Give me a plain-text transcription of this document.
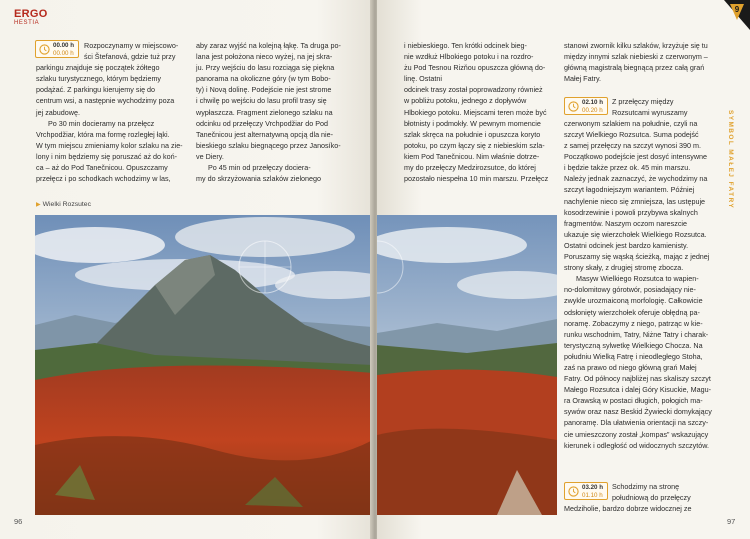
ERGO
HESTIA
00.00 h
00.00 h
Rozpoczynamy w miejscowo-
ści Štefanová, gdzie tuż przy
parkingu znajduje się początek żółtego
szlaku turystycznego, którym będziemy
podążać. Z parkingu kierujemy się do
centrum wsi, a następnie wychodzimy poza
jej zabudowę.
Po 30 min docieramy na przełęcz
Vrchpodžiar, która ma formę rozległej łąki.
W tym miejscu zmieniamy kolor szlaku na zie-
lony i nim będziemy się poruszać aż do koń-
ca – aż do Pod Tanečnicou. Opuszczamy
przełęcz i po schodkach wchodzimy w las,
aby zaraz wyjść na kolejną łąkę. Ta druga po-
lana jest położona nieco wyżej, na jej skra-
ju. Przy wejściu do lasu rozciąga się piękna
panorama na okoliczne góry (w tym Bobo-
ty) i Novą dolinę. Podejście nie jest strome
i chwilę po wejściu do lasu profil trasy się
wypłaszcza. Fragment zielonego szlaku na
odcinku od przełęczy Vrchpodžiar do Pod
Tanečnicou jest alternatywną opcją dla nie-
bieskiego szlaku biegnącego przez Janosíko-
ve Diery.
Po 45 min od przełęczy dociera-
my do skrzyżowania szlaków zielonego
▶ Wielki Rozsutec
96
9
SYMBOL MAŁEJ FATRY
i niebieskiego. Ten krótki odcinek bieg-
nie wzdłuż Hlbokiego potoku i na rozdro-
żu Pod Tesnou Rizňou opuszcza główną do-
linę. Ostatni
odcinek trasy został poprowadzony również
w pobliżu potoku, jednego z dopływów
Hlbokiego potoku. Miejscami teren może być
błotnisty i podmokły. W pewnym momencie
szlak skręca na południe i opuszcza koryto
potoku, po czym łączy się z niebieskim szla-
kiem Pod Tanečnicou. Nim właśnie dotrze-
my do przełęczy Medzirozsutce, do której
pozostało niespełna 10 min marszu. Przełęcz
stanowi zwornik kilku szlaków, krzyżuje się tu
między innymi szlak niebieski z czerwonym –
główną magistralą biegnącą przez całą grań
Małej Fatry.
02.10 h
00.20 h
Z przełęczy między
Rozsutcami wyruszamy
czerwonym szlakiem na południe, czyli na
szczyt Wielkiego Rozsutca. Suma podejść
z samej przełęczy na szczyt wynosi 390 m.
Początkowo podejście jest dosyć intensywne
i będzie także przez ok. 45 min marszu.
Należy jednak zaznaczyć, że wychodzimy na
szczyt łagodniejszym wariantem. Później
nachylenie nieco się zmniejsza, las ustępuje
kosodrzewinie i powoli przybywa skalnych
fragmentów. Naszym oczom nareszcie
ukazuje się wierzchołek Wielkiego Rozsutca.
Ostatni odcinek jest bardzo kamienisty.
Poruszamy się wąską ścieżką, mając z jednej
strony skały, z drugiej stromę zbocza.
Masyw Wielkiego Rozsutca to wapien-
no-dolomitowy górotwór, posiadający nie-
zwykle urozmaiconą morfologię. Całkowicie
odsłonięty wierzchołek oferuje obłędną pa-
noramę. Zobaczymy z niego, patrząc w kie-
runku wschodnim, Tatry, Niżne Tatry i charak-
terystyczną sylwetkę Wielkiego Chocza. Na
południu Wielką Fatrę i nieodległego Stoha,
zaś na prawo od niego główną grań Małej
Fatry. Od północy najbliżej nas skaliszy szczyt
Małego Rozsutca i dalej Góry Kisuckie, Magu-
ra Orawską w postaci długich, połogich ma-
sywów oraz nasz Beskid Żywiecki domykający
panoramę. Dla ułatwienia orientacji na szczy-
cie umieszczony został „kompas” wskazujący
kierunek i odległość od widocznych szczytów.
03.20 h
01.10 h
Schodzimy na stronę
południową do przełęczy
Medziholie, bardzo dobrze widocznej ze
97
